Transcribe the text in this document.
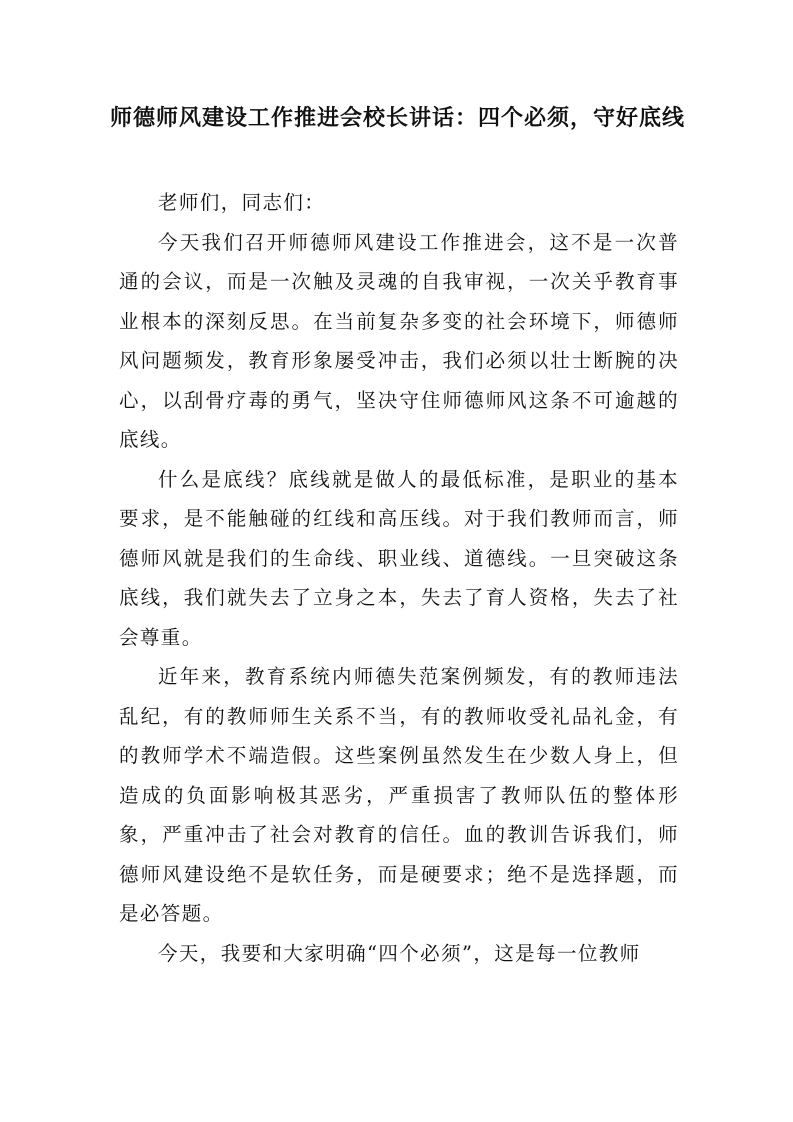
师德师风建设工作推进会校长讲话：四个必须，守好底线

老师们，同志们：

今天我们召开师德师风建设工作推进会，这不是一次普通的会议，而是一次触及灵魂的自我审视，一次关乎教育事业根本的深刻反思。在当前复杂多变的社会环境下，师德师风问题频发，教育形象屡受冲击，我们必须以壮士断腕的决心，以刮骨疗毒的勇气，坚决守住师德师风这条不可逾越的底线。

什么是底线？底线就是做人的最低标准，是职业的基本要求，是不能触碰的红线和高压线。对于我们教师而言，师德师风就是我们的生命线、职业线、道德线。一旦突破这条底线，我们就失去了立身之本，失去了育人资格，失去了社会尊重。

近年来，教育系统内师德失范案例频发，有的教师违法乱纪，有的教师师生关系不当，有的教师收受礼品礼金，有的教师学术不端造假。这些案例虽然发生在少数人身上，但造成的负面影响极其恶劣，严重损害了教师队伍的整体形象，严重冲击了社会对教育的信任。血的教训告诉我们，师德师风建设绝不是软任务，而是硬要求；绝不是选择题，而是必答题。

今天，我要和大家明确“四个必须”，这是每一位教师
